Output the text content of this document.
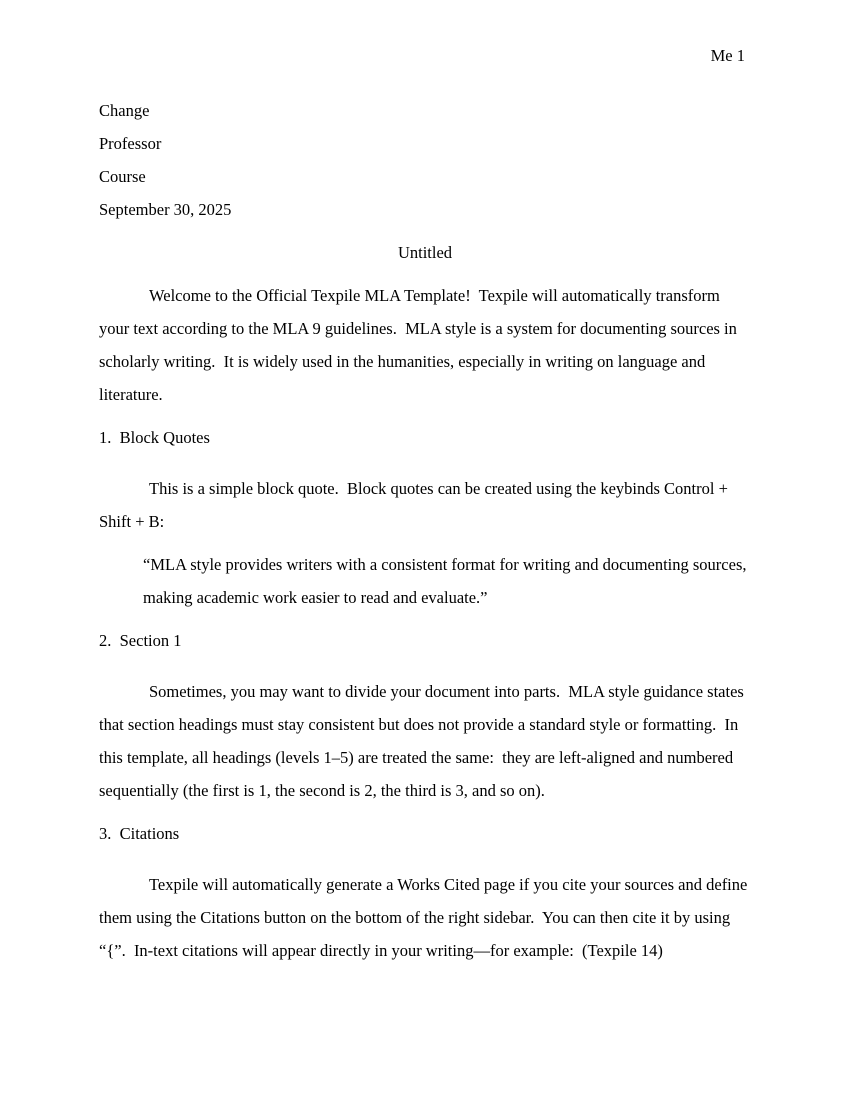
Me 1

Change

Professor

Course

September 30, 2025

Untitled

Welcome to the Official Texpile MLA Template!  Texpile will automatically transform your text according to the MLA 9 guidelines.  MLA style is a system for documenting sources in scholarly writing.  It is widely used in the humanities, especially in writing on language and literature.

1.  Block Quotes

This is a simple block quote.  Block quotes can be created using the keybinds Control + Shift + B:

“MLA style provides writers with a consistent format for writing and documenting sources, making academic work easier to read and evaluate.”

2.  Section 1

Sometimes, you may want to divide your document into parts.  MLA style guidance states that section headings must stay consistent but does not provide a standard style or formatting.  In this template, all headings (levels 1–5) are treated the same:  they are left-aligned and numbered sequentially (the first is 1, the second is 2, the third is 3, and so on).

3.  Citations

Texpile will automatically generate a Works Cited page if you cite your sources and define them using the Citations button on the bottom of the right sidebar.  You can then cite it by using “{”.  In-text citations will appear directly in your writing—for example:  (Texpile 14)
